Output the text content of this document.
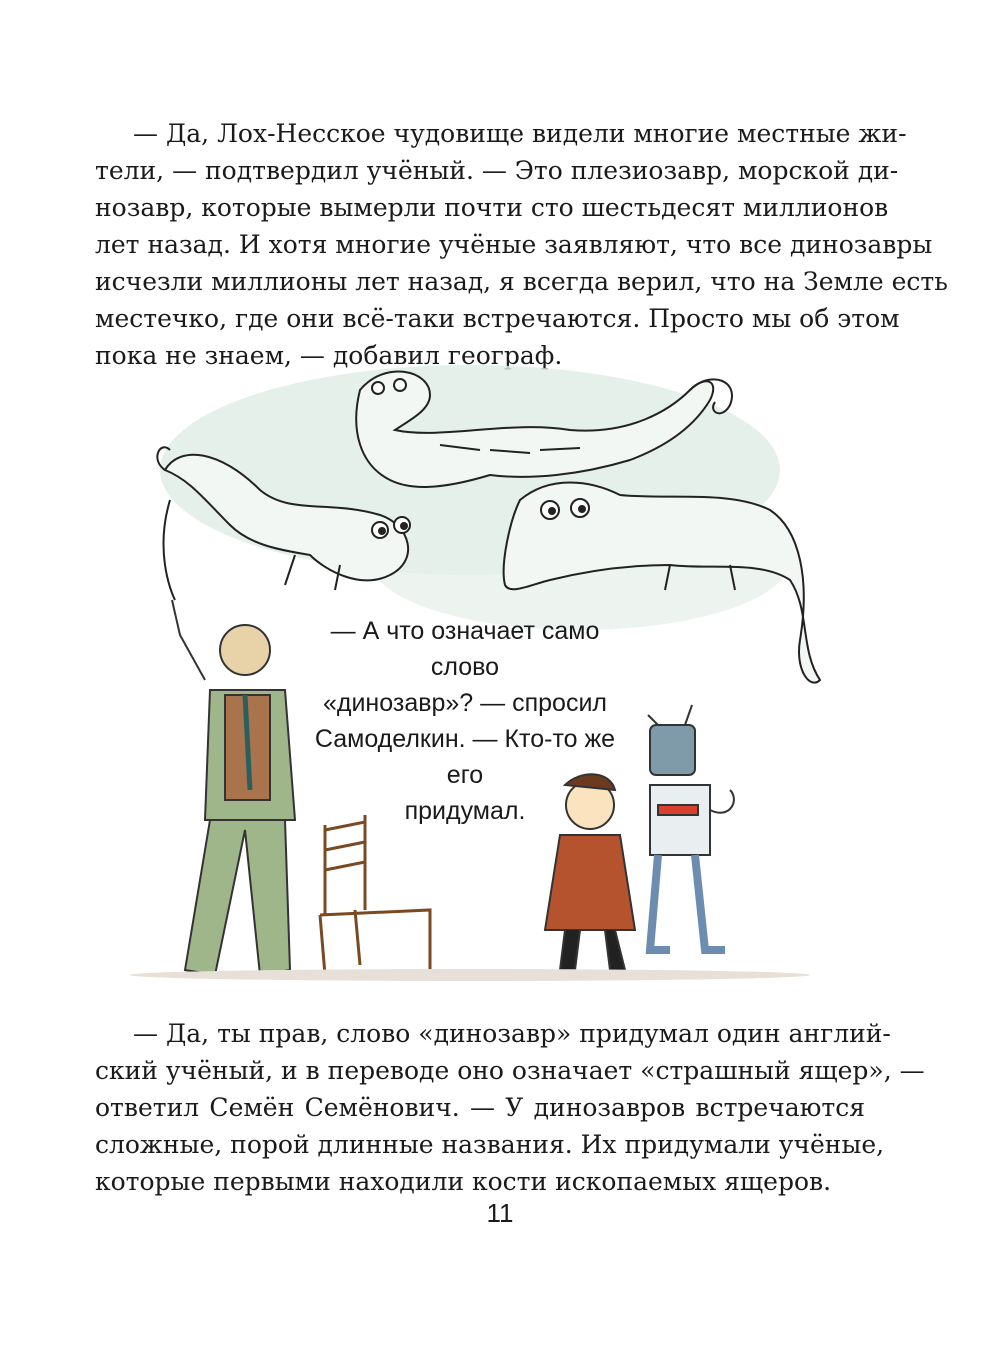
— Да, Лох-Несское чудовище видели многие местные жи-
тели, — подтвердил учёный. — Это плезиозавр, морской ди-
нозавр, которые вымерли почти сто шестьдесят миллионов
лет назад. И хотя многие учёные заявляют, что все динозавры
исчезли миллионы лет назад, я всегда верил, что на Земле есть
местечко, где они всё-таки встречаются. Просто мы об этом
пока не знаем, — добавил географ.
— А что означает само слово
«динозавр»? — спросил
Самоделкин. — Кто-то же его
придумал.
— Да, ты прав, слово «динозавр» придумал один англий-
ский учёный, и в переводе оно означает «страшный ящер», —
ответил Семён Семёнович. — У динозавров встречаются
сложные, порой длинные названия. Их придумали учёные,
которые первыми находили кости ископаемых ящеров.
11
